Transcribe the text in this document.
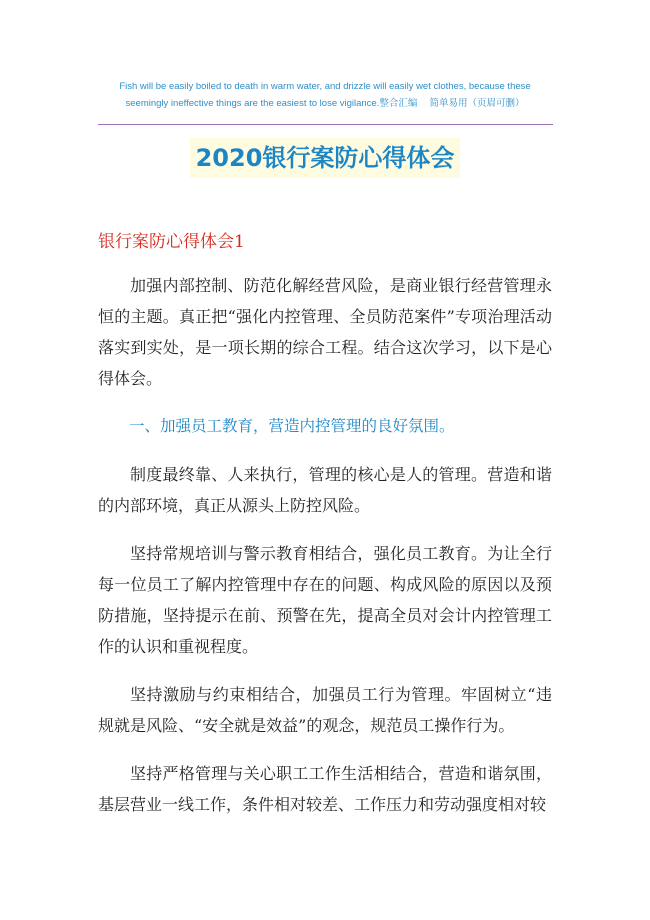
Fish will be easily boiled to death in warm water, and drizzle will easily wet clothes, because these seemingly ineffective things are the easiest to lose vigilance.整合汇编　 简单易用（页眉可删）
2020银行案防心得体会
银行案防心得体会1

加强内部控制、防范化解经营风险，是商业银行经营管理永恒的主题。真正把“强化内控管理、全员防范案件”专项治理活动落实到实处，是一项长期的综合工程。结合这次学习，以下是心得体会。

一、加强员工教育，营造内控管理的良好氛围。

制度最终靠、人来执行，管理的核心是人的管理。营造和谐的内部环境，真正从源头上防控风险。

坚持常规培训与警示教育相结合，强化员工教育。为让全行每一位员工了解内控管理中存在的问题、构成风险的原因以及预防措施，坚持提示在前、预警在先，提高全员对会计内控管理工作的认识和重视程度。

坚持激励与约束相结合，加强员工行为管理。牢固树立“违规就是风险、“安全就是效益”的观念，规范员工操作行为。

坚持严格管理与关心职工工作生活相结合，营造和谐氛围，基层营业一线工作，条件相对较差、工作压力和劳动强度相对较
